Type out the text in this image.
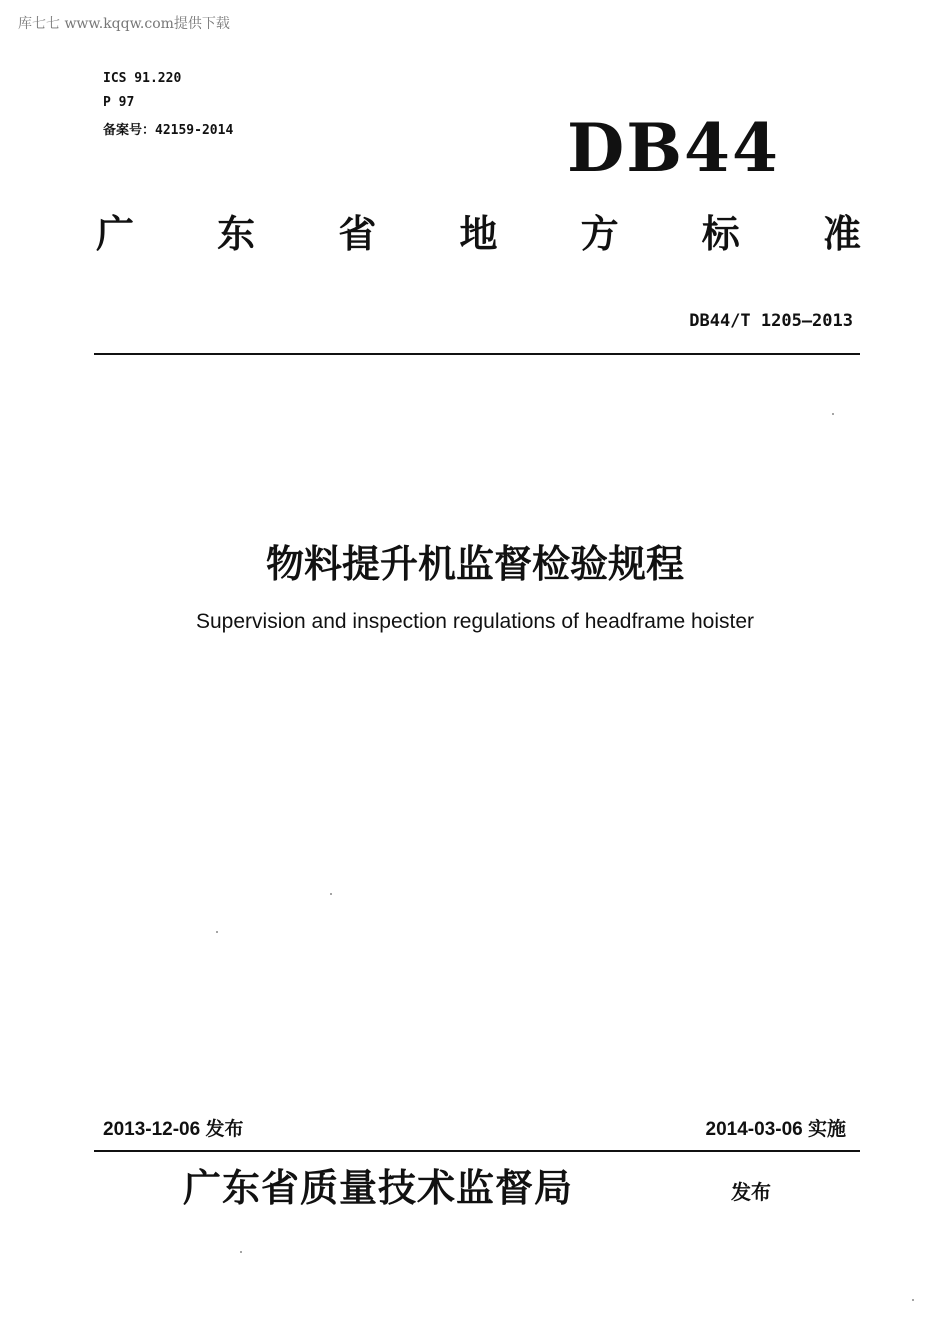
库七七 www.kqqw.com提供下载
ICS 91.220
P 97
备案号：42159-2014	DB44
广 东 省 地 方 标 准
DB44/T 1205—2013
物料提升机监督检验规程
Supervision and inspection regulations of headframe hoister
2013-12-06 发布	2014-03-06 实施
广东省质量技术监督局	发布
